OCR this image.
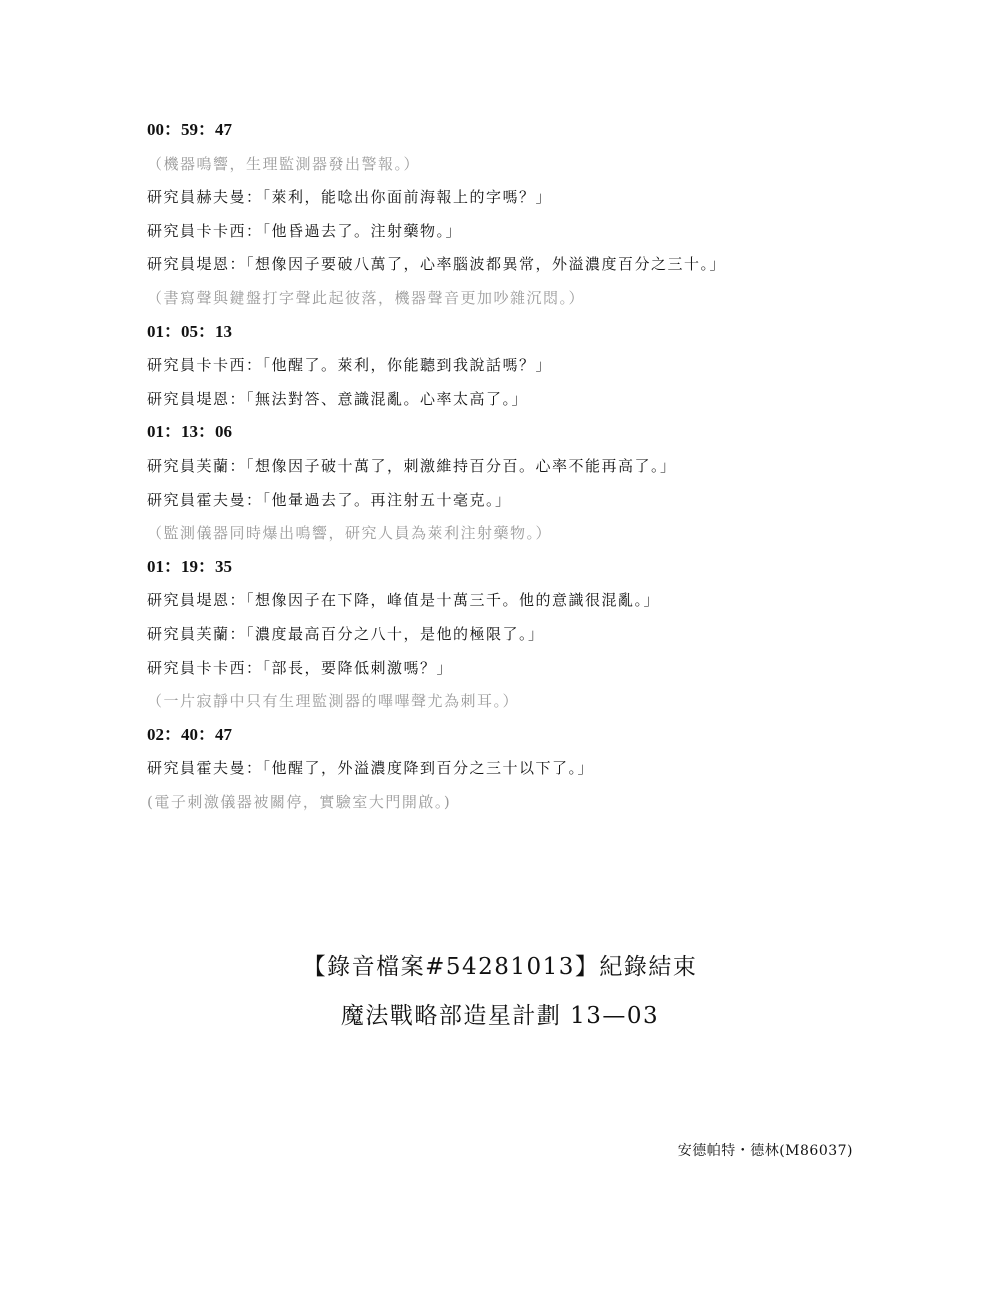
00：59：47
（機器鳴響，生理監測器發出警報。）
研究員赫夫曼：「萊利，能唸出你面前海報上的字嗎？」
研究員卡卡西：「他昏過去了。注射藥物。」
研究員堤恩：「想像因子要破八萬了，心率腦波都異常，外溢濃度百分之三十。」
（書寫聲與鍵盤打字聲此起彼落，機器聲音更加吵雜沉悶。）
01：05：13
研究員卡卡西：「他醒了。萊利，你能聽到我說話嗎？」
研究員堤恩：「無法對答、意識混亂。心率太高了。」
01：13：06
研究員芙蘭：「想像因子破十萬了，刺激維持百分百。心率不能再高了。」
研究員霍夫曼：「他暈過去了。再注射五十毫克。」
（監測儀器同時爆出鳴響，研究人員為萊利注射藥物。）
01：19：35
研究員堤恩：「想像因子在下降，峰值是十萬三千。他的意識很混亂。」
研究員芙蘭：「濃度最高百分之八十，是他的極限了。」
研究員卡卡西：「部長，要降低刺激嗎？」
（一片寂靜中只有生理監測器的嗶嗶聲尤為刺耳。）
02：40：47
研究員霍夫曼：「他醒了，外溢濃度降到百分之三十以下了。」
(電子刺激儀器被關停，實驗室大門開啟。)
【錄音檔案#54281013】紀錄結束
魔法戰略部造星計劃 13—03
安德帕特・德林(M86037)
